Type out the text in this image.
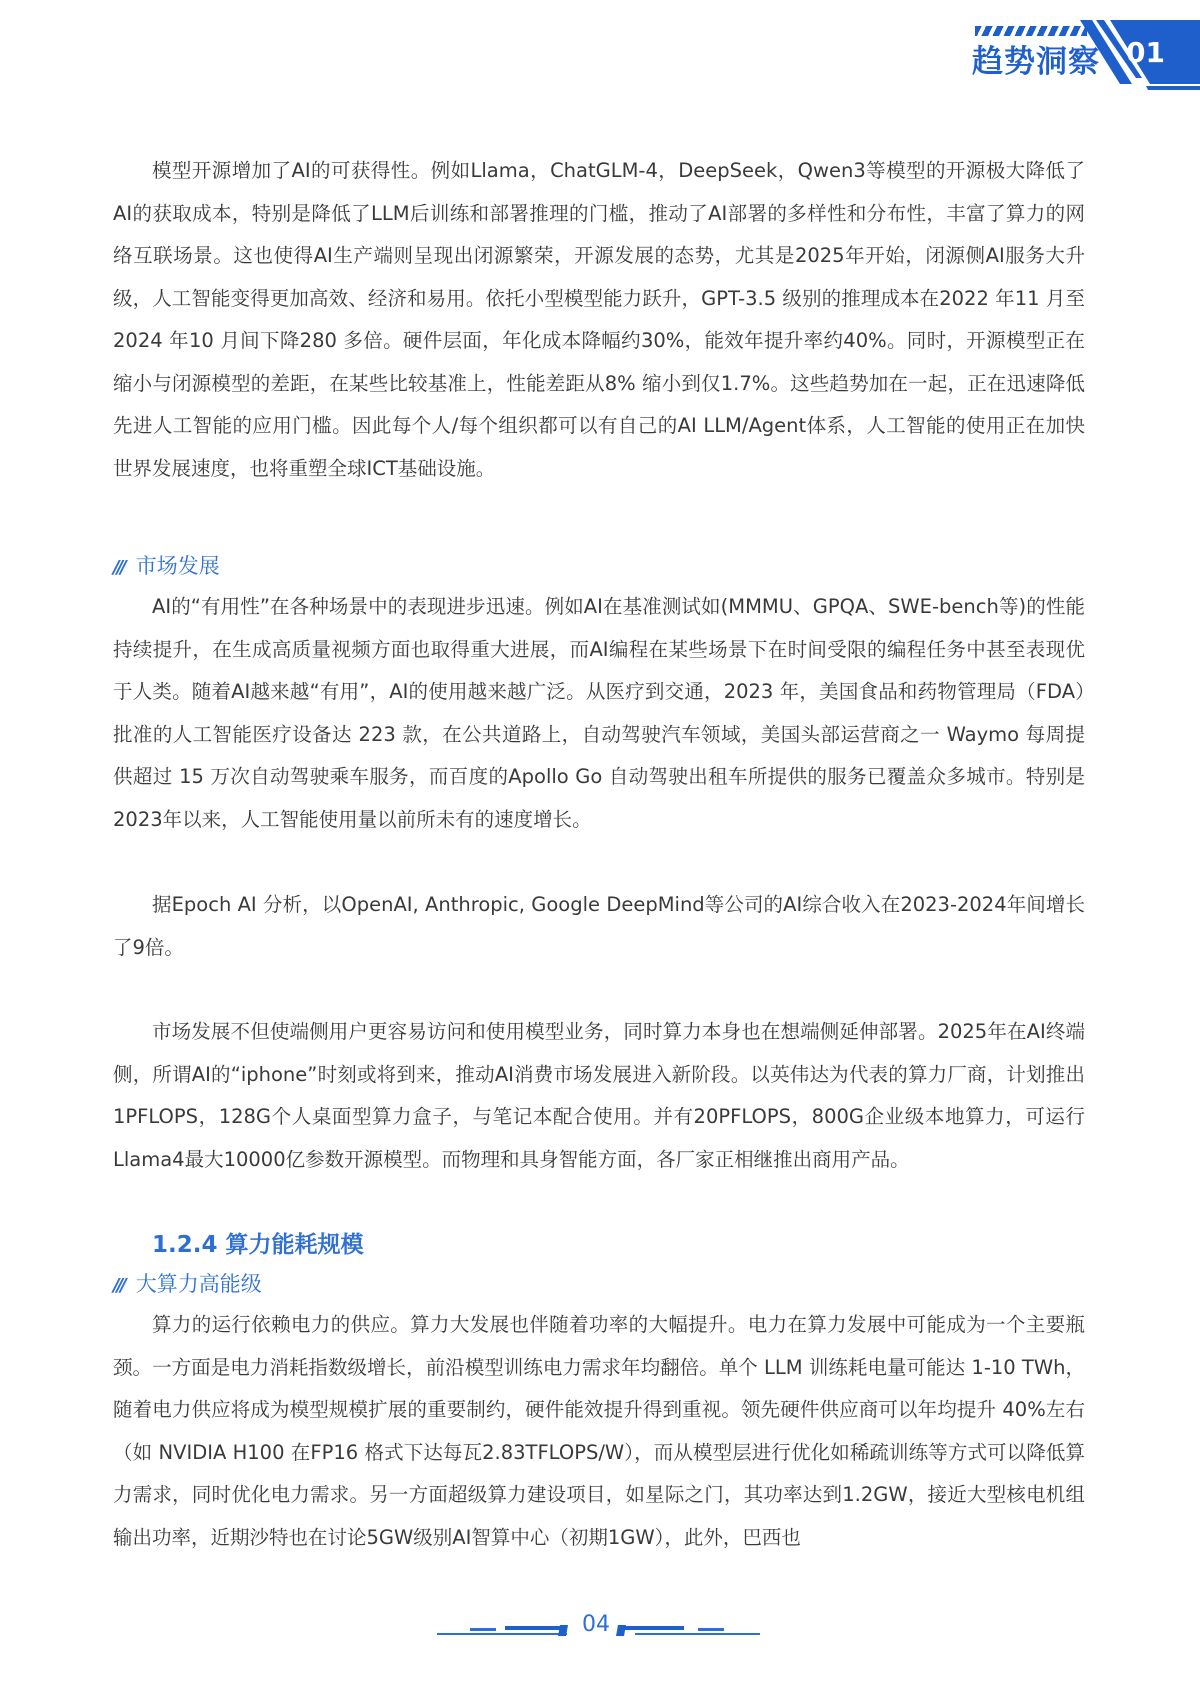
趋势洞察 01

模型开源增加了AI的可获得性。例如Llama，ChatGLM-4，DeepSeek，Qwen3等模型的开源极大降低了AI的获取成本，特别是降低了LLM后训练和部署推理的门槛，推动了AI部署的多样性和分布性，丰富了算力的网络互联场景。这也使得AI生产端则呈现出闭源繁荣，开源发展的态势，尤其是2025年开始，闭源侧AI服务大升级，人工智能变得更加高效、经济和易用。依托小型模型能力跃升，GPT-3.5 级别的推理成本在2022 年11 月至2024 年10 月间下降280 多倍。硬件层面，年化成本降幅约30%，能效年提升率约40%。同时，开源模型正在缩小与闭源模型的差距，在某些比较基准上，性能差距从8% 缩小到仅1.7%。这些趋势加在一起，正在迅速降低先进人工智能的应用门槛。因此每个人/每个组织都可以有自己的AI LLM/Agent体系，人工智能的使用正在加快世界发展速度，也将重塑全球ICT基础设施。

/// 市场发展

AI的“有用性”在各种场景中的表现进步迅速。例如AI在基准测试如(MMMU、GPQA、SWE-bench等)的性能持续提升，在生成高质量视频方面也取得重大进展，而AI编程在某些场景下在时间受限的编程任务中甚至表现优于人类。随着AI越来越“有用”，AI的使用越来越广泛。从医疗到交通，2023 年，美国食品和药物管理局（FDA）批准的人工智能医疗设备达 223 款，在公共道路上，自动驾驶汽车领域，美国头部运营商之一 Waymo 每周提供超过 15 万次自动驾驶乘车服务，而百度的Apollo Go 自动驾驶出租车所提供的服务已覆盖众多城市。特别是2023年以来，人工智能使用量以前所未有的速度增长。

据Epoch AI 分析，以OpenAI, Anthropic, Google DeepMind等公司的AI综合收入在2023-2024年间增长了9倍。

市场发展不但使端侧用户更容易访问和使用模型业务，同时算力本身也在想端侧延伸部署。2025年在AI终端侧，所谓AI的“iphone”时刻或将到来，推动AI消费市场发展进入新阶段。以英伟达为代表的算力厂商，计划推出1PFLOPS，128G个人桌面型算力盒子，与笔记本配合使用。并有20PFLOPS，800G企业级本地算力，可运行Llama4最大10000亿参数开源模型。而物理和具身智能方面，各厂家正相继推出商用产品。

1.2.4 算力能耗规模
/// 大算力高能级

算力的运行依赖电力的供应。算力大发展也伴随着功率的大幅提升。电力在算力发展中可能成为一个主要瓶颈。一方面是电力消耗指数级增长，前沿模型训练电力需求年均翻倍。单个 LLM 训练耗电量可能达 1-10 TWh，随着电力供应将成为模型规模扩展的重要制约，硬件能效提升得到重视。领先硬件供应商可以年均提升 40%左右（如 NVIDIA H100 在FP16 格式下达每瓦2.83TFLOPS/W），而从模型层进行优化如稀疏训练等方式可以降低算力需求，同时优化电力需求。另一方面超级算力建设项目，如星际之门，其功率达到1.2GW，接近大型核电机组输出功率，近期沙特也在讨论5GW级别AI智算中心（初期1GW），此外，巴西也

04
